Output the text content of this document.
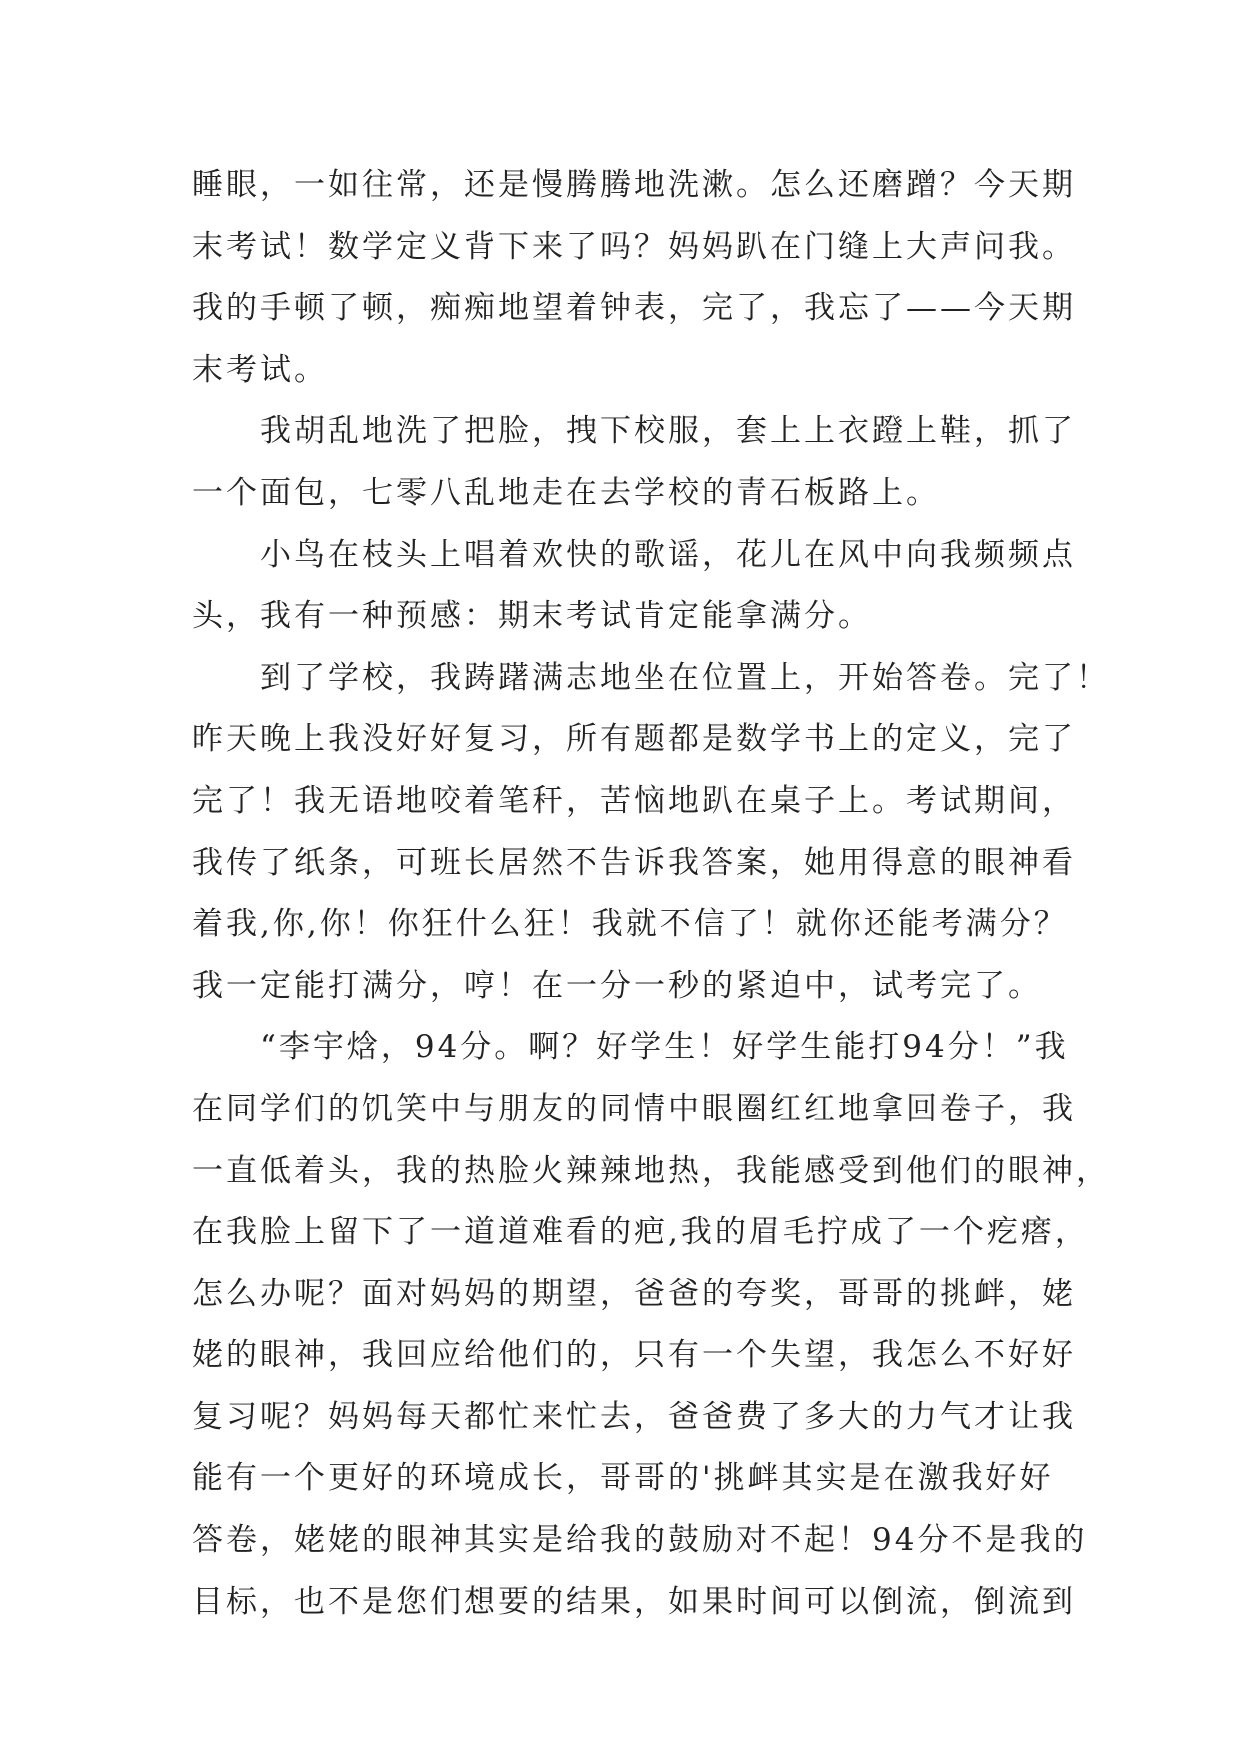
睡眼，一如往常，还是慢腾腾地洗漱。怎么还磨蹭？今天期
末考试！数学定义背下来了吗？妈妈趴在门缝上大声问我。
我的手顿了顿，痴痴地望着钟表，完了，我忘了——今天期
末考试。
　　我胡乱地洗了把脸，拽下校服，套上上衣蹬上鞋，抓了
一个面包，七零八乱地走在去学校的青石板路上。
　　小鸟在枝头上唱着欢快的歌谣，花儿在风中向我频频点
头，我有一种预感：期末考试肯定能拿满分。
　　到了学校，我踌躇满志地坐在位置上，开始答卷。完了！
昨天晚上我没好好复习，所有题都是数学书上的定义，完了
完了！我无语地咬着笔秆，苦恼地趴在桌子上。考试期间，
我传了纸条，可班长居然不告诉我答案，她用得意的眼神看
着我,你,你！你狂什么狂！我就不信了！就你还能考满分？
我一定能打满分，哼！在一分一秒的紧迫中，试考完了。
　　“李宇焓，94分。啊？好学生！好学生能打94分！”我
在同学们的饥笑中与朋友的同情中眼圈红红地拿回卷子，我
一直低着头，我的热脸火辣辣地热，我能感受到他们的眼神，
在我脸上留下了一道道难看的疤,我的眉毛拧成了一个疙瘩，
怎么办呢？面对妈妈的期望，爸爸的夸奖，哥哥的挑衅，姥
姥的眼神，我回应给他们的，只有一个失望，我怎么不好好
复习呢？妈妈每天都忙来忙去，爸爸费了多大的力气才让我
能有一个更好的环境成长，哥哥的'挑衅其实是在激我好好
答卷，姥姥的眼神其实是给我的鼓励对不起！94分不是我的
目标，也不是您们想要的结果，如果时间可以倒流，倒流到
